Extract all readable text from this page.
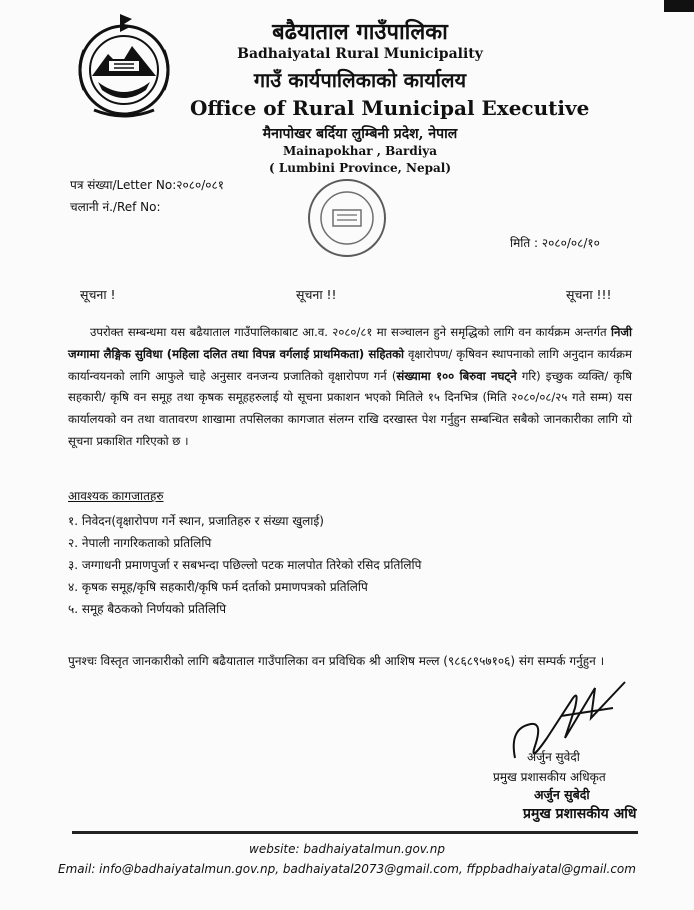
बढैयाताल गाउँपालिका
Badhaiyatal Rural Municipality
गाउँ कार्यपालिकाको कार्यालय
Office of Rural Municipal Executive
मैनापोखर बर्दिया लुम्बिनी प्रदेश, नेपाल
Mainapokhar , Bardiya
( Lumbini Province, Nepal)
पत्र संख्या/Letter No:२०८०/०८१
चलानी नं./Ref No:
मिति : २०८०/०८/१०
सूचना !	सूचना !!	सूचना !!!
उपरोक्त सम्बन्धमा यस बढैयाताल गाउँपालिकाबाट आ.व. २०८०/८१ मा सञ्चालन हुने समृद्धिको लागि वन कार्यक्रम अन्तर्गत निजी जग्गामा लैङ्गिक सुविधा (महिला दलित तथा विपन्न वर्गलाई प्राथमिकता) सहितको वृक्षारोपण/ कृषिवन स्थापनाको लागि अनुदान कार्यक्रम कार्यान्वयनको लागि आफुले चाहे अनुसार वनजन्य प्रजातिको वृक्षारोपण गर्न (संख्यामा १०० बिरुवा नघट्ने गरि) इच्छुक व्यक्ति/ कृषि सहकारी/ कृषि वन समूह तथा कृषक समूहहरुलाई यो सूचना प्रकाशन भएको मितिले १५ दिनभित्र (मिति २०८०/०८/२५ गते सम्म) यस कार्यालयको वन तथा वातावरण शाखामा तपसिलका कागजात संलग्न राखि दरखास्त पेश गर्नुहुन सम्बन्धित सबैको जानकारीका लागि यो सूचना प्रकाशित गरिएको छ ।
आवश्यक कागजातहरु
१. निवेदन(वृक्षारोपण गर्ने स्थान, प्रजातिहरु र संख्या खुलाई)
२. नेपाली नागरिकताको प्रतिलिपि
३. जग्गाधनी प्रमाणपुर्जा र सबभन्दा पछिल्लो पटक मालपोत तिरेको रसिद प्रतिलिपि
४. कृषक समूह/कृषि सहकारी/कृषि फर्म दर्ताको प्रमाणपत्रको प्रतिलिपि
५. समूह बैठकको निर्णयको प्रतिलिपि
पुनश्चः विस्तृत जानकारीको लागि बढैयाताल गाउँपालिका वन प्रविधिक श्री आशिष मल्ल (९८६८९५७१०६) संग सम्पर्क गर्नुहुन ।
अर्जुन सुवेदी
प्रमुख प्रशासकीय अधिकृत
अर्जुन सुबेदी
प्रमुख प्रशासकीय अधि
website: badhaiyatalmun.gov.np
Email: info@badhaiyatalmun.gov.np, badhaiyatal2073@gmail.com, ffppbadhaiyatal@gmail.com
